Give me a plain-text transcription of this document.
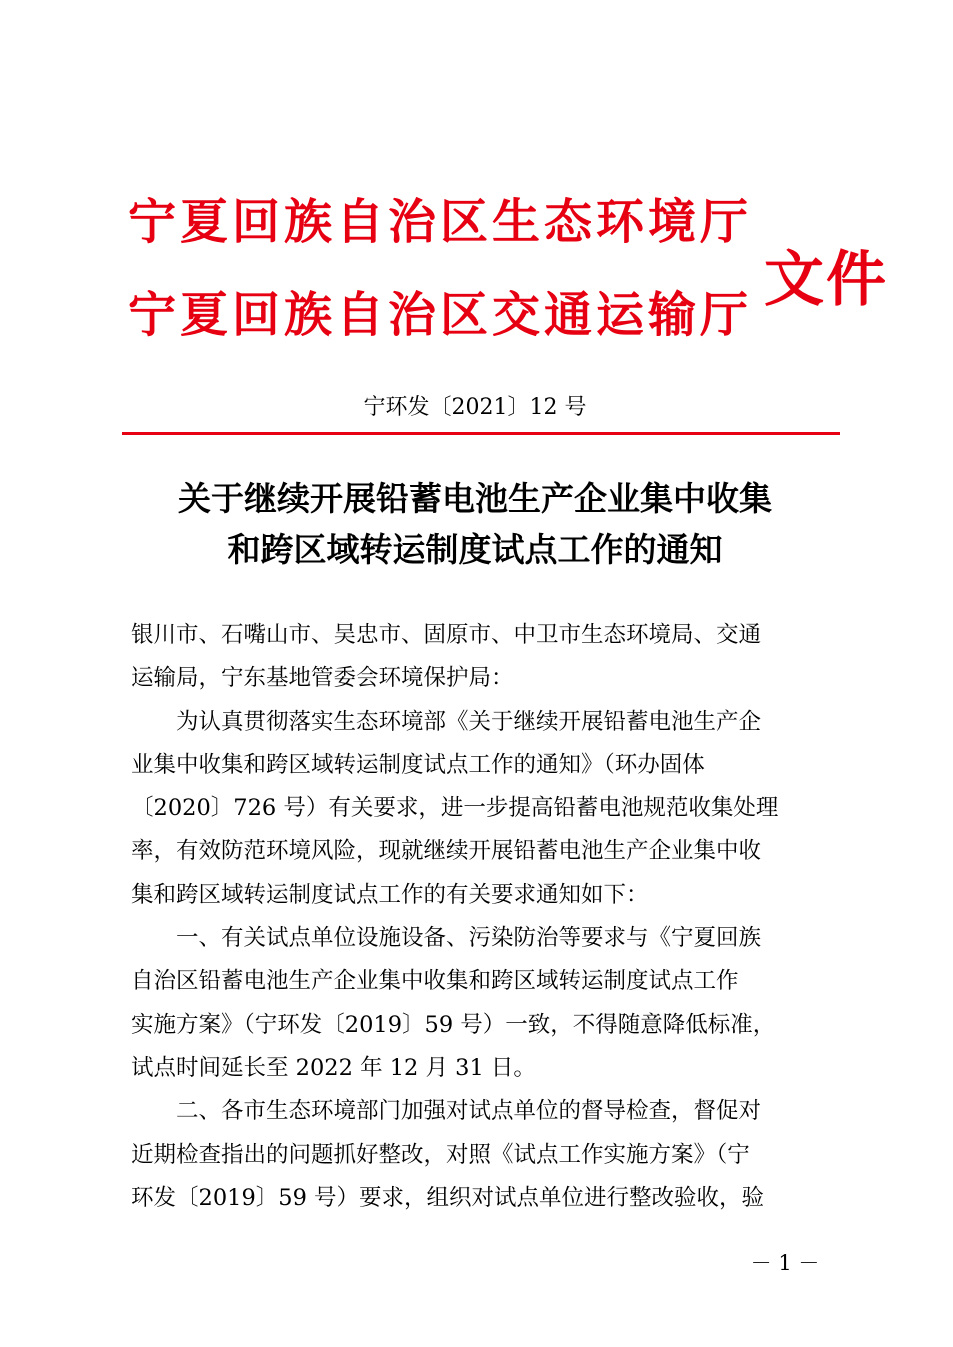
宁夏回族自治区生态环境厅
宁夏回族自治区交通运输厅 文件
宁环发〔2021〕12 号
关于继续开展铅蓄电池生产企业集中收集
和跨区域转运制度试点工作的通知

银川市、石嘴山市、吴忠市、固原市、中卫市生态环境局、交通
运输局，宁东基地管委会环境保护局：

为认真贯彻落实生态环境部《关于继续开展铅蓄电池生产企
业集中收集和跨区域转运制度试点工作的通知》（环办固体
〔2020〕726 号）有关要求，进一步提高铅蓄电池规范收集处理
率，有效防范环境风险，现就继续开展铅蓄电池生产企业集中收
集和跨区域转运制度试点工作的有关要求通知如下：

一、有关试点单位设施设备、污染防治等要求与《宁夏回族
自治区铅蓄电池生产企业集中收集和跨区域转运制度试点工作
实施方案》（宁环发〔2019〕59 号）一致，不得随意降低标准，
试点时间延长至 2022 年 12 月 31 日。

二、各市生态环境部门加强对试点单位的督导检查，督促对
近期检查指出的问题抓好整改，对照《试点工作实施方案》（宁
环发〔2019〕59 号）要求，组织对试点单位进行整改验收，验

－ 1 －
